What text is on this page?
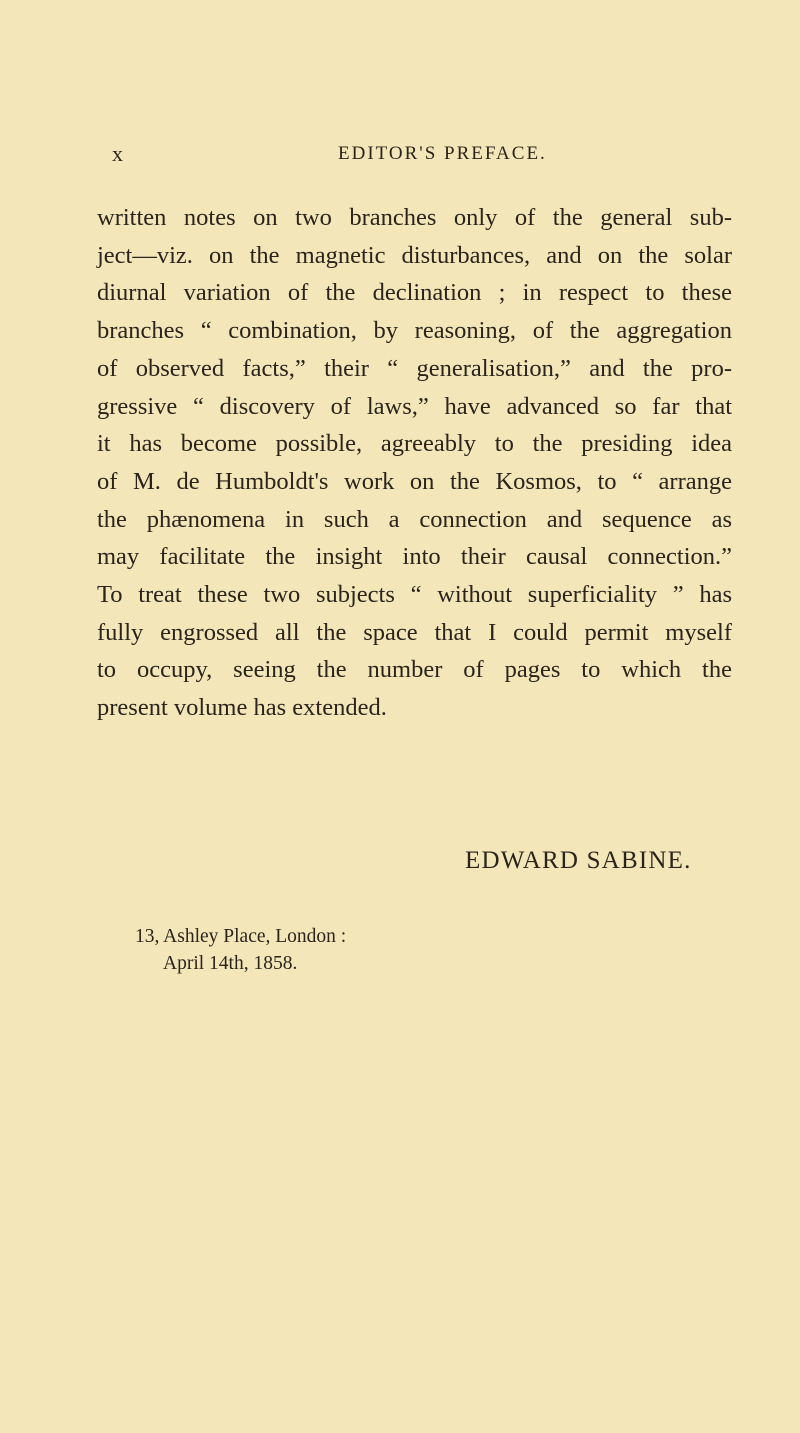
x	EDITOR'S PREFACE.

written notes on two branches only of the general sub-
ject—viz. on the magnetic disturbances, and on the solar
diurnal variation of the declination ; in respect to these
branches “ combination, by reasoning, of the aggregation
of observed facts,” their “ generalisation,” and the pro-
gressive “ discovery of laws,” have advanced so far that
it has become possible, agreeably to the presiding idea
of M. de Humboldt's work on the Kosmos, to “ arrange
the phænomena in such a connection and sequence as
may facilitate the insight into their causal connection.”
To treat these two subjects “ without superficiality ” has
fully engrossed all the space that I could permit myself
to occupy, seeing the number of pages to which the
present volume has extended.

EDWARD SABINE.
13, Ashley Place, London :
April 14th, 1858.
